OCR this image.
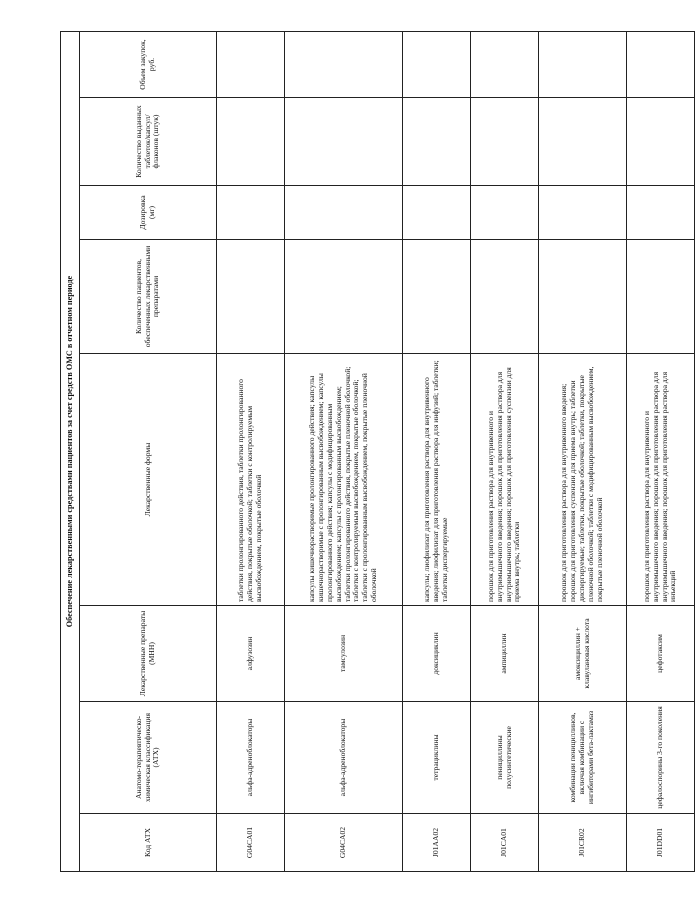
Обеспечение лекарственными средствами пациентов за счет средств ОМС в отчетном периоде							
Код АТХ	Анатомо-терапевтическо-химическая классификация (АТХ)	Лекарственные препараты (МНН)	Лекарственные формы	Количество пациентов, обеспеченных лекарственными препаратами	Дозировка (мг)	Количество выданных таблеток/капсул/флаконов (штук)	Объем закупок, руб.
G04CA01	альфа-адреноблокаторы	алфузозин	таблетки пролонгированного действия, таблетки пролонгированного действия, покрытые оболочкой; таблетки с контролируемым высвобождением, покрытые оболочкой				
G04CA02	альфа-адреноблокаторы	тамсулозин	капсулы кишечнорастворимые пролонгированного действия; капсулы кишечнорастворимые с пролонгированным высвобождением; капсулы пролонгированного действия; капсулы с модифицированным высвобождением; капсулы с пролонгированным высвобождением; таблетки пролонгированного действия, покрытые пленочной оболочкой; таблетки с контролируемым высвобождением, покрытые оболочкой; таблетки с пролонгированным высвобождением, покрытые пленочной оболочкой				
J01AA02	тетрациклины	доксициклин	капсулы; лиофилизат для приготовления раствора для внутривенного введения; лиофилизат для приготовления раствора для инфузий; таблетки; таблетки диспергируемые				
J01CA01	пенициллины полусинтетические	ампициллин	порошок для приготовления раствора для внутривенного и внутримышечного введения; порошок для приготовления раствора для внутримышечного введения; порошок для приготовления суспензии для приема внутрь; таблетки				
J01CR02	комбинации пенициллинов, включая комбинации с ингибиторами бета-лактамаз	амоксициллин + клавулановая кислота	порошок для приготовления раствора для внутривенного введения; порошок для приготовления суспензии для приема внутрь; таблетки диспергируемые; таблетки, покрытые оболочкой; таблетки, покрытые пленочной оболочкой; таблетки с модифицированным высвобождением, покрытые пленочной оболочкой				
J01DD01	цефалоспорины 3-го поколения	цефотаксим	порошок для приготовления раствора для внутривенного и внутримышечного введения; порошок для приготовления раствора для внутримышечного введения; порошок для приготовления раствора для инъекций				
